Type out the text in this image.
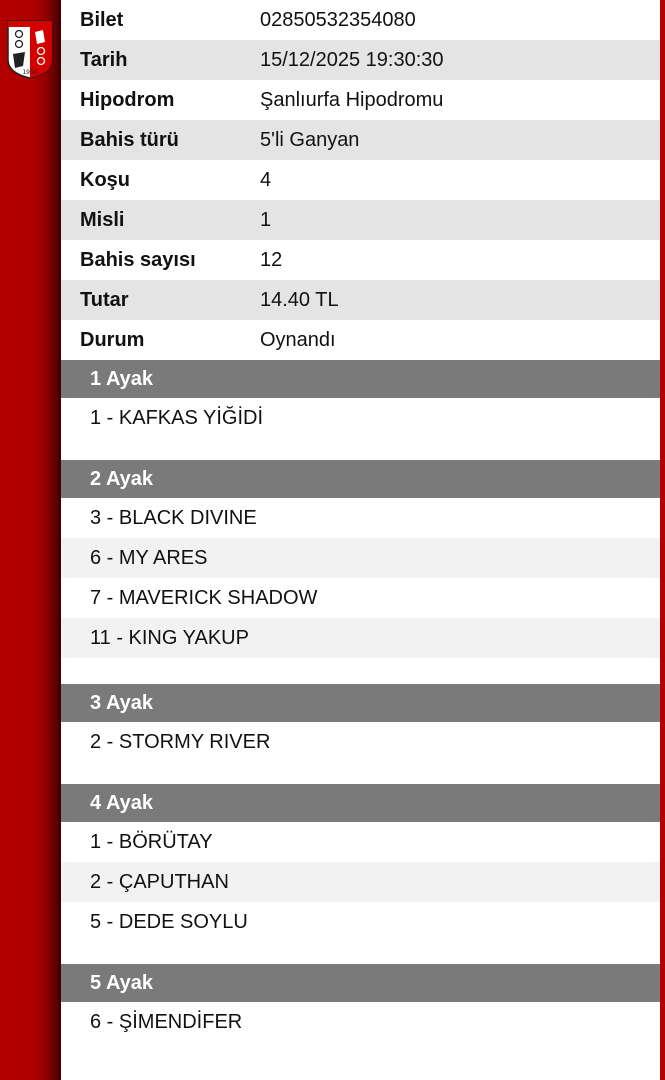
1950
Bilet	02850532354080
Tarih	15/12/2025 19:30:30
Hipodrom	Şanlıurfa Hipodromu
Bahis türü	5'li Ganyan
Koşu	4
Misli	1
Bahis sayısı	12
Tutar	14.40 TL
Durum	Oynandı
1 Ayak
1 - KAFKAS YİĞİDİ
2 Ayak
3 - BLACK DIVINE
6 - MY ARES
7 - MAVERICK SHADOW
11 - KING YAKUP
3 Ayak
2 - STORMY RIVER
4 Ayak
1 - BÖRÜTAY
2 - ÇAPUTHAN
5 - DEDE SOYLU
5 Ayak
6 - ŞİMENDİFER
